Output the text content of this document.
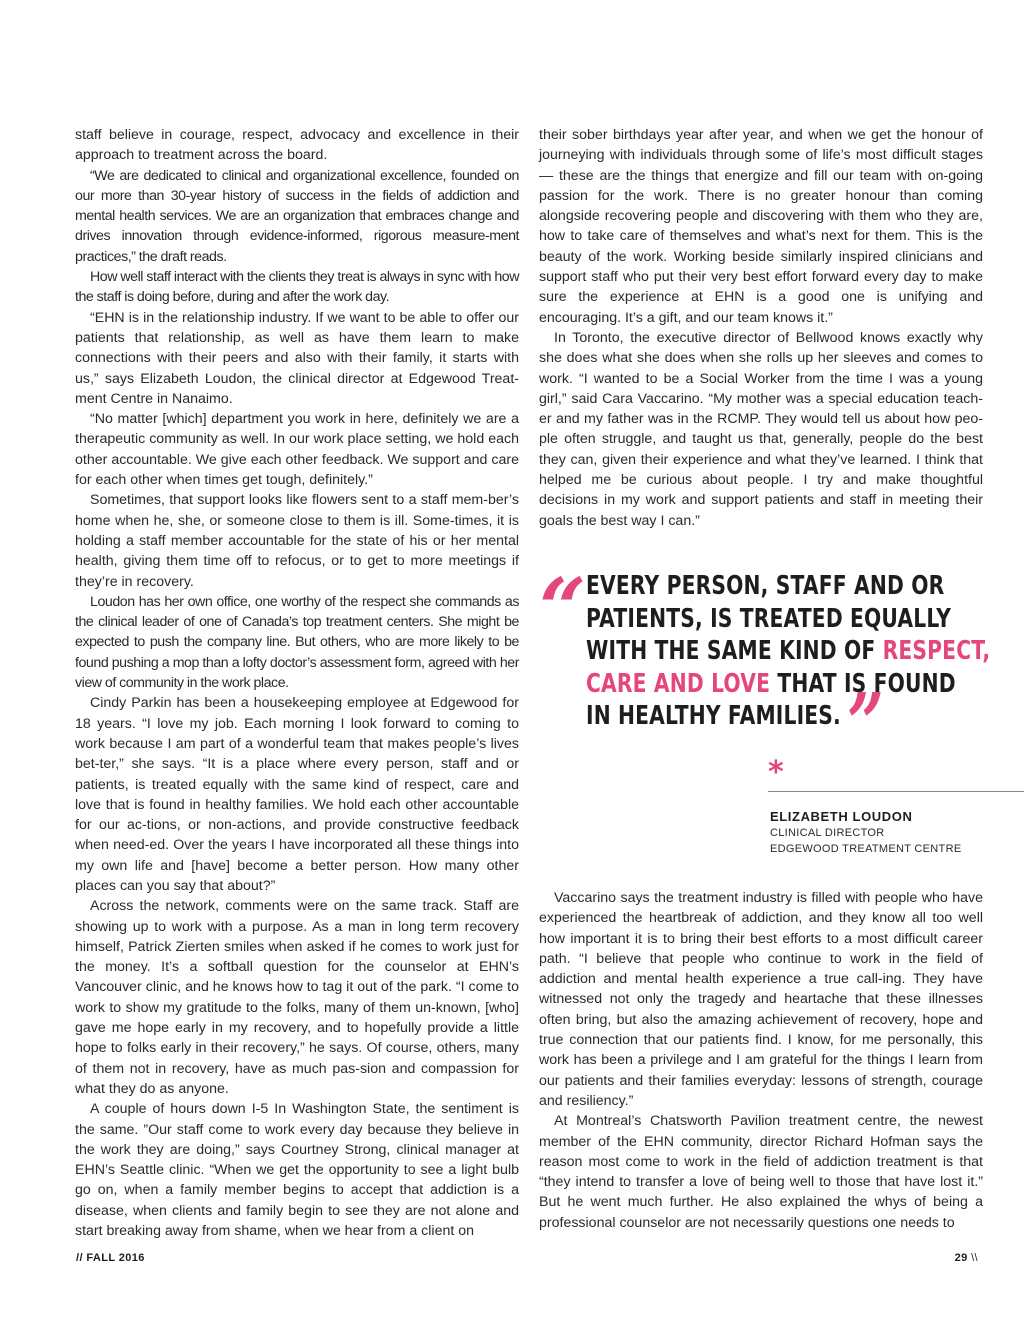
staff believe in courage, respect, advocacy and excellence in their approach to treatment across the board.

“We are dedicated to clinical and organizational excellence, founded on our more than 30-year history of success in the fields of addiction and mental health services. We are an organization that embraces change and drives innovation through evidence-informed, rigorous measure-ment practices,” the draft reads.

How well staff interact with the clients they treat is always in sync with how the staff is doing before, during and after the work day.

“EHN is in the relationship industry. If we want to be able to offer our patients that relationship, as well as have them learn to make connections with their peers and also with their family, it starts with us,” says Elizabeth Loudon, the clinical director at Edgewood Treat-ment Centre in Nanaimo.

“No matter [which] department you work in here, definitely we are a therapeutic community as well. In our work place setting, we hold each other accountable. We give each other feedback. We support and care for each other when times get tough, definitely.”

Sometimes, that support looks like flowers sent to a staff mem-ber’s home when he, she, or someone close to them is ill. Some-times, it is holding a staff member accountable for the state of his or her mental health, giving them time off to refocus, or to get to more meetings if they’re in recovery.

Loudon has her own office, one worthy of the respect she commands as the clinical leader of one of Canada’s top treatment centers. She might be expected to push the company line. But others, who are more likely to be found pushing a mop than a lofty doctor’s assessment form, agreed with her view of community in the work place.

Cindy Parkin has been a housekeeping employee at Edgewood for 18 years. “I love my job. Each morning I look forward to coming to work because I am part of a wonderful team that makes people’s lives bet-ter,” she says. “It is a place where every person, staff and or patients, is treated equally with the same kind of respect, care and love that is found in healthy families. We hold each other accountable for our ac-tions, or non-actions, and provide constructive feedback when need-ed. Over the years I have incorporated all these things into my own life and [have] become a better person. How many other places can you say that about?”

Across the network, comments were on the same track. Staff are showing up to work with a purpose. As a man in long term recovery himself, Patrick Zierten smiles when asked if he comes to work just for the money. It’s a softball question for the counselor at EHN’s Vancouver clinic, and he knows how to tag it out of the park. “I come to work to show my gratitude to the folks, many of them un-known, [who] gave me hope early in my recovery, and to hopefully provide a little hope to folks early in their recovery,” he says. Of course, others, many of them not in recovery, have as much pas-sion and compassion for what they do as anyone.

A couple of hours down I-5 In Washington State, the sentiment is the same. ”Our staff come to work every day because they believe in the work they are doing,” says Courtney Strong, clinical manager at EHN’s Seattle clinic. “When we get the opportunity to see a light bulb go on, when a family member begins to accept that addiction is a disease, when clients and family begin to see they are not alone and start breaking away from shame, when we hear from a client on

their sober birthdays year after year, and when we get the honour of journeying with individuals through some of life’s most difficult stages — these are the things that energize and fill our team with on-going passion for the work. There is no greater honour than coming alongside recovering people and discovering with them who they are, how to take care of themselves and what’s next for them. This is the beauty of the work. Working beside similarly inspired clinicians and support staff who put their very best effort forward every day to make sure the experience at EHN is a good one is unifying and encouraging. It’s a gift, and our team knows it.”

In Toronto, the executive director of Bellwood knows exactly why she does what she does when she rolls up her sleeves and comes to work. “I wanted to be a Social Worker from the time I was a young girl,” said Cara Vaccarino. “My mother was a special education teach-er and my father was in the RCMP. They would tell us about how peo-ple often struggle, and taught us that, generally, people do the best they can, given their experience and what they’ve learned. I think that helped me be curious about people. I try and make thoughtful decisions in my work and support patients and staff in meeting their goals the best way I can.”

“ EVERY PERSON, STAFF AND OR
PATIENTS, IS TREATED EQUALLY
WITH THE SAME KIND OF RESPECT,
CARE AND LOVE THAT IS FOUND
IN HEALTHY FAMILIES.”
*
ELIZABETH LOUDON
CLINICAL DIRECTOR
EDGEWOOD TREATMENT CENTRE

Vaccarino says the treatment industry is filled with people who have experienced the heartbreak of addiction, and they know all too well how important it is to bring their best efforts to a most difficult career path. “I believe that people who continue to work in the field of addiction and mental health experience a true call-ing. They have witnessed not only the tragedy and heartache that these illnesses often bring, but also the amazing achievement of recovery, hope and true connection that our patients find. I know, for me personally, this work has been a privilege and I am grateful for the things I learn from our patients and their families everyday: lessons of strength, courage and resiliency.”

At Montreal’s Chatsworth Pavilion treatment centre, the newest member of the EHN community, director Richard Hofman says the reason most come to work in the field of addiction treatment is that “they intend to transfer a love of being well to those that have lost it.” But he went much further. He also explained the whys of being a professional counselor are not necessarily questions one needs to

// FALL 2016	29 \\
